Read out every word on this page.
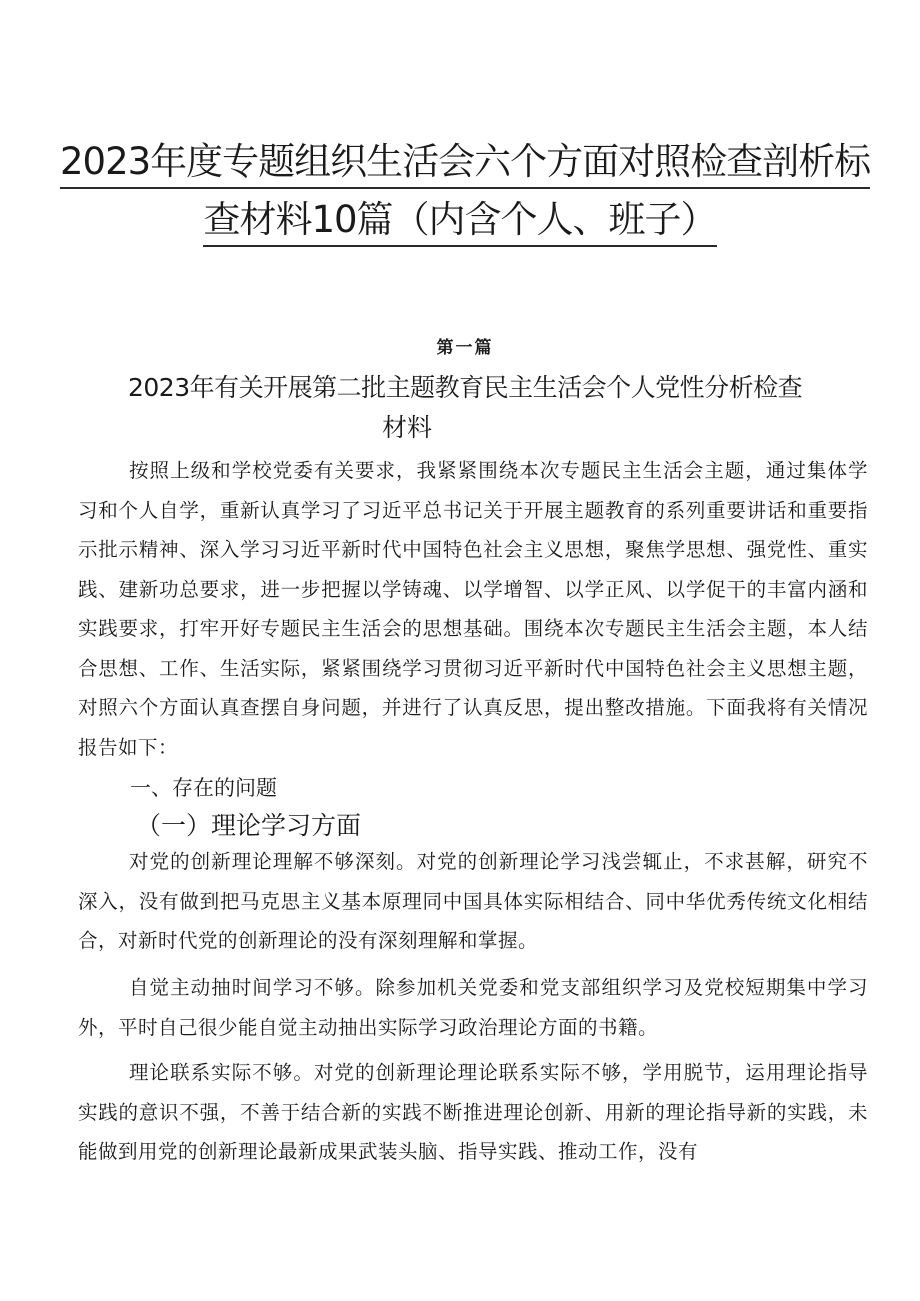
2023年度专题组织生活会六个方面对照检查剖析标
查材料10篇（内含个人、班子）
第一篇
2023年有关开展第二批主题教育民主生活会个人党性分析检查
材料

按照上级和学校党委有关要求，我紧紧围绕本次专题民主生活会主题，通过集体学习和个人自学，重新认真学习了习近平总书记关于开展主题教育的系列重要讲话和重要指示批示精神、深入学习习近平新时代中国特色社会主义思想，聚焦学思想、强党性、重实践、建新功总要求，进一步把握以学铸魂、以学增智、以学正风、以学促干的丰富内涵和实践要求，打牢开好专题民主生活会的思想基础。围绕本次专题民主生活会主题，本人结合思想、工作、生活实际，紧紧围绕学习贯彻习近平新时代中国特色社会主义思想主题，对照六个方面认真查摆自身问题，并进行了认真反思，提出整改措施。下面我将有关情况报告如下：

一、存在的问题
（一）理论学习方面

对党的创新理论理解不够深刻。对党的创新理论学习浅尝辄止，不求甚解，研究不深入，没有做到把马克思主义基本原理同中国具体实际相结合、同中华优秀传统文化相结合，对新时代党的创新理论的没有深刻理解和掌握。

自觉主动抽时间学习不够。除参加机关党委和党支部组织学习及党校短期集中学习外，平时自己很少能自觉主动抽出实际学习政治理论方面的书籍。

理论联系实际不够。对党的创新理论理论联系实际不够，学用脱节，运用理论指导实践的意识不强，不善于结合新的实践不断推进理论创新、用新的理论指导新的实践，未能做到用党的创新理论最新成果武装头脑、指导实践、推动工作，没有
